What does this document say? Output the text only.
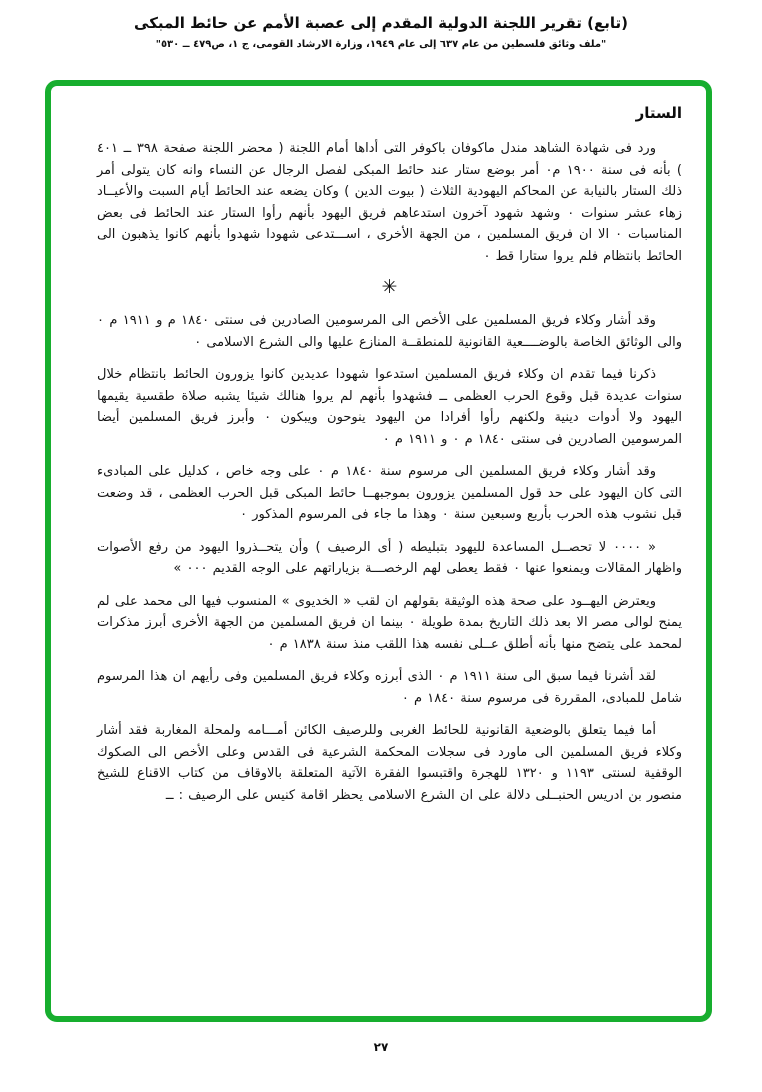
(تابع) تقرير اللجنة الدولية المقدم إلى عصبة الأمم عن حائط المبكى
"ملف وثائق فلسطين من عام ٦٣٧ إلى عام ١٩٤٩، وزارة الارشاد القومى، ج ١، ص٤٧٩ ــ ٥٣٠"
الستار

ورد فى شهادة الشاهد مندل ماكوفان باكوفر التى أداها أمام اللجنة ( محضر اللجنة صفحة ٣٩٨ ــ ٤٠١ ) بأنه فى سنة ١٩٠٠ م٠ أمر بوضع ستار عند حائط المبكى لفصل الرجال عن النساء وانه كان يتولى أمر ذلك الستار بالنيابة عن المحاكم اليهودية الثلاث ( بيوت الدين ) وكان يضعه عند الحائط أيام السبت والأعيــاد زهاء عشر سنوات ٠ وشهد شهود آخرون استدعاهم فريق اليهود بأنهم رأوا الستار عند الحائط فى بعض المناسبات ٠ الا ان فريق المسلمين ، من الجهة الأخرى ، اســـتدعى شهودا شهدوا بأنهم كانوا يذهبون الى الحائط بانتظام فلم يروا ستارا قط ٠

✳

وقد أشار وكلاء فريق المسلمين على الأخص الى المرسومين الصادرين فى سنتى ١٨٤٠ م و ١٩١١ م ٠ والى الوثائق الخاصة بالوضــــعية القانونية للمنطقــة المنازع عليها والى الشرع الاسلامى ٠

ذكرنا فيما تقدم ان وكلاء فريق المسلمين استدعوا شهودا عديدين كانوا يزورون الحائط بانتظام خلال سنوات عديدة قبل وقوع الحرب العظمى ــ فشهدوا بأنهم لم يروا هنالك شيئا يشبه صلاة طقسية يقيمها اليهود ولا أدوات دينية ولكنهم رأوا أفرادا من اليهود ينوحون ويبكون ٠ وأبرز فريق المسلمين أيضا المرسومين الصادرين فى سنتى ١٨٤٠ م ٠ و ١٩١١ م ٠

وقد أشار وكلاء فريق المسلمين الى مرسوم سنة ١٨٤٠ م ٠ على وجه خاص ، كدليل على المبادىء التى كان اليهود على حد قول المسلمين يزورون بموجبهــا حائط المبكى قبل الحرب العظمى ، قد وضعت قبل نشوب هذه الحرب بأربع وسبعين سنة ٠ وهذا ما جاء فى المرسوم المذكور ٠

« ٠٠٠٠ لا تحصــل المساعدة لليهود بتبليطه ( أى الرصيف ) وأن يتحــذروا اليهود من رفع الأصوات واظهار المقالات ويمنعوا عنها ٠ فقط يعطى لهم الرخصـــة بزياراتهم على الوجه القديم ٠٠٠ »

ويعترض اليهــود على صحة هذه الوثيقة بقولهم ان لقب « الخديوى » المنسوب فيها الى محمد على لم يمنح لوالى مصر الا بعد ذلك التاريخ بمدة طويلة ٠ بينما ان فريق المسلمين من الجهة الأخرى أبرز مذكرات لمحمد على يتضح منها بأنه أطلق عــلى نفسه هذا اللقب منذ سنة ١٨٣٨ م ٠

لقد أشرنا فيما سبق الى سنة ١٩١١ م ٠ الذى أبرزه وكلاء فريق المسلمين وفى رأيهم ان هذا المرسوم شامل للمبادى، المقررة فى مرسوم سنة ١٨٤٠ م ٠

أما فيما يتعلق بالوضعية القانونية للحائط الغربى وللرصيف الكائن أمـــامه ولمحلة المغاربة فقد أشار وكلاء فريق المسلمين الى ماورد فى سجلات المحكمة الشرعية فى القدس وعلى الأخص الى الصكوك الوقفية لسنتى ١١٩٣ و ١٣٢٠ للهجرة واقتبسوا الفقرة الآتية المتعلقة بالاوقاف من كتاب الاقناع للشيخ منصور بن ادريس الحنبــلى دلالة على ان الشرع الاسلامى يحظر اقامة كنيس على الرصيف : ــ

٢٧
